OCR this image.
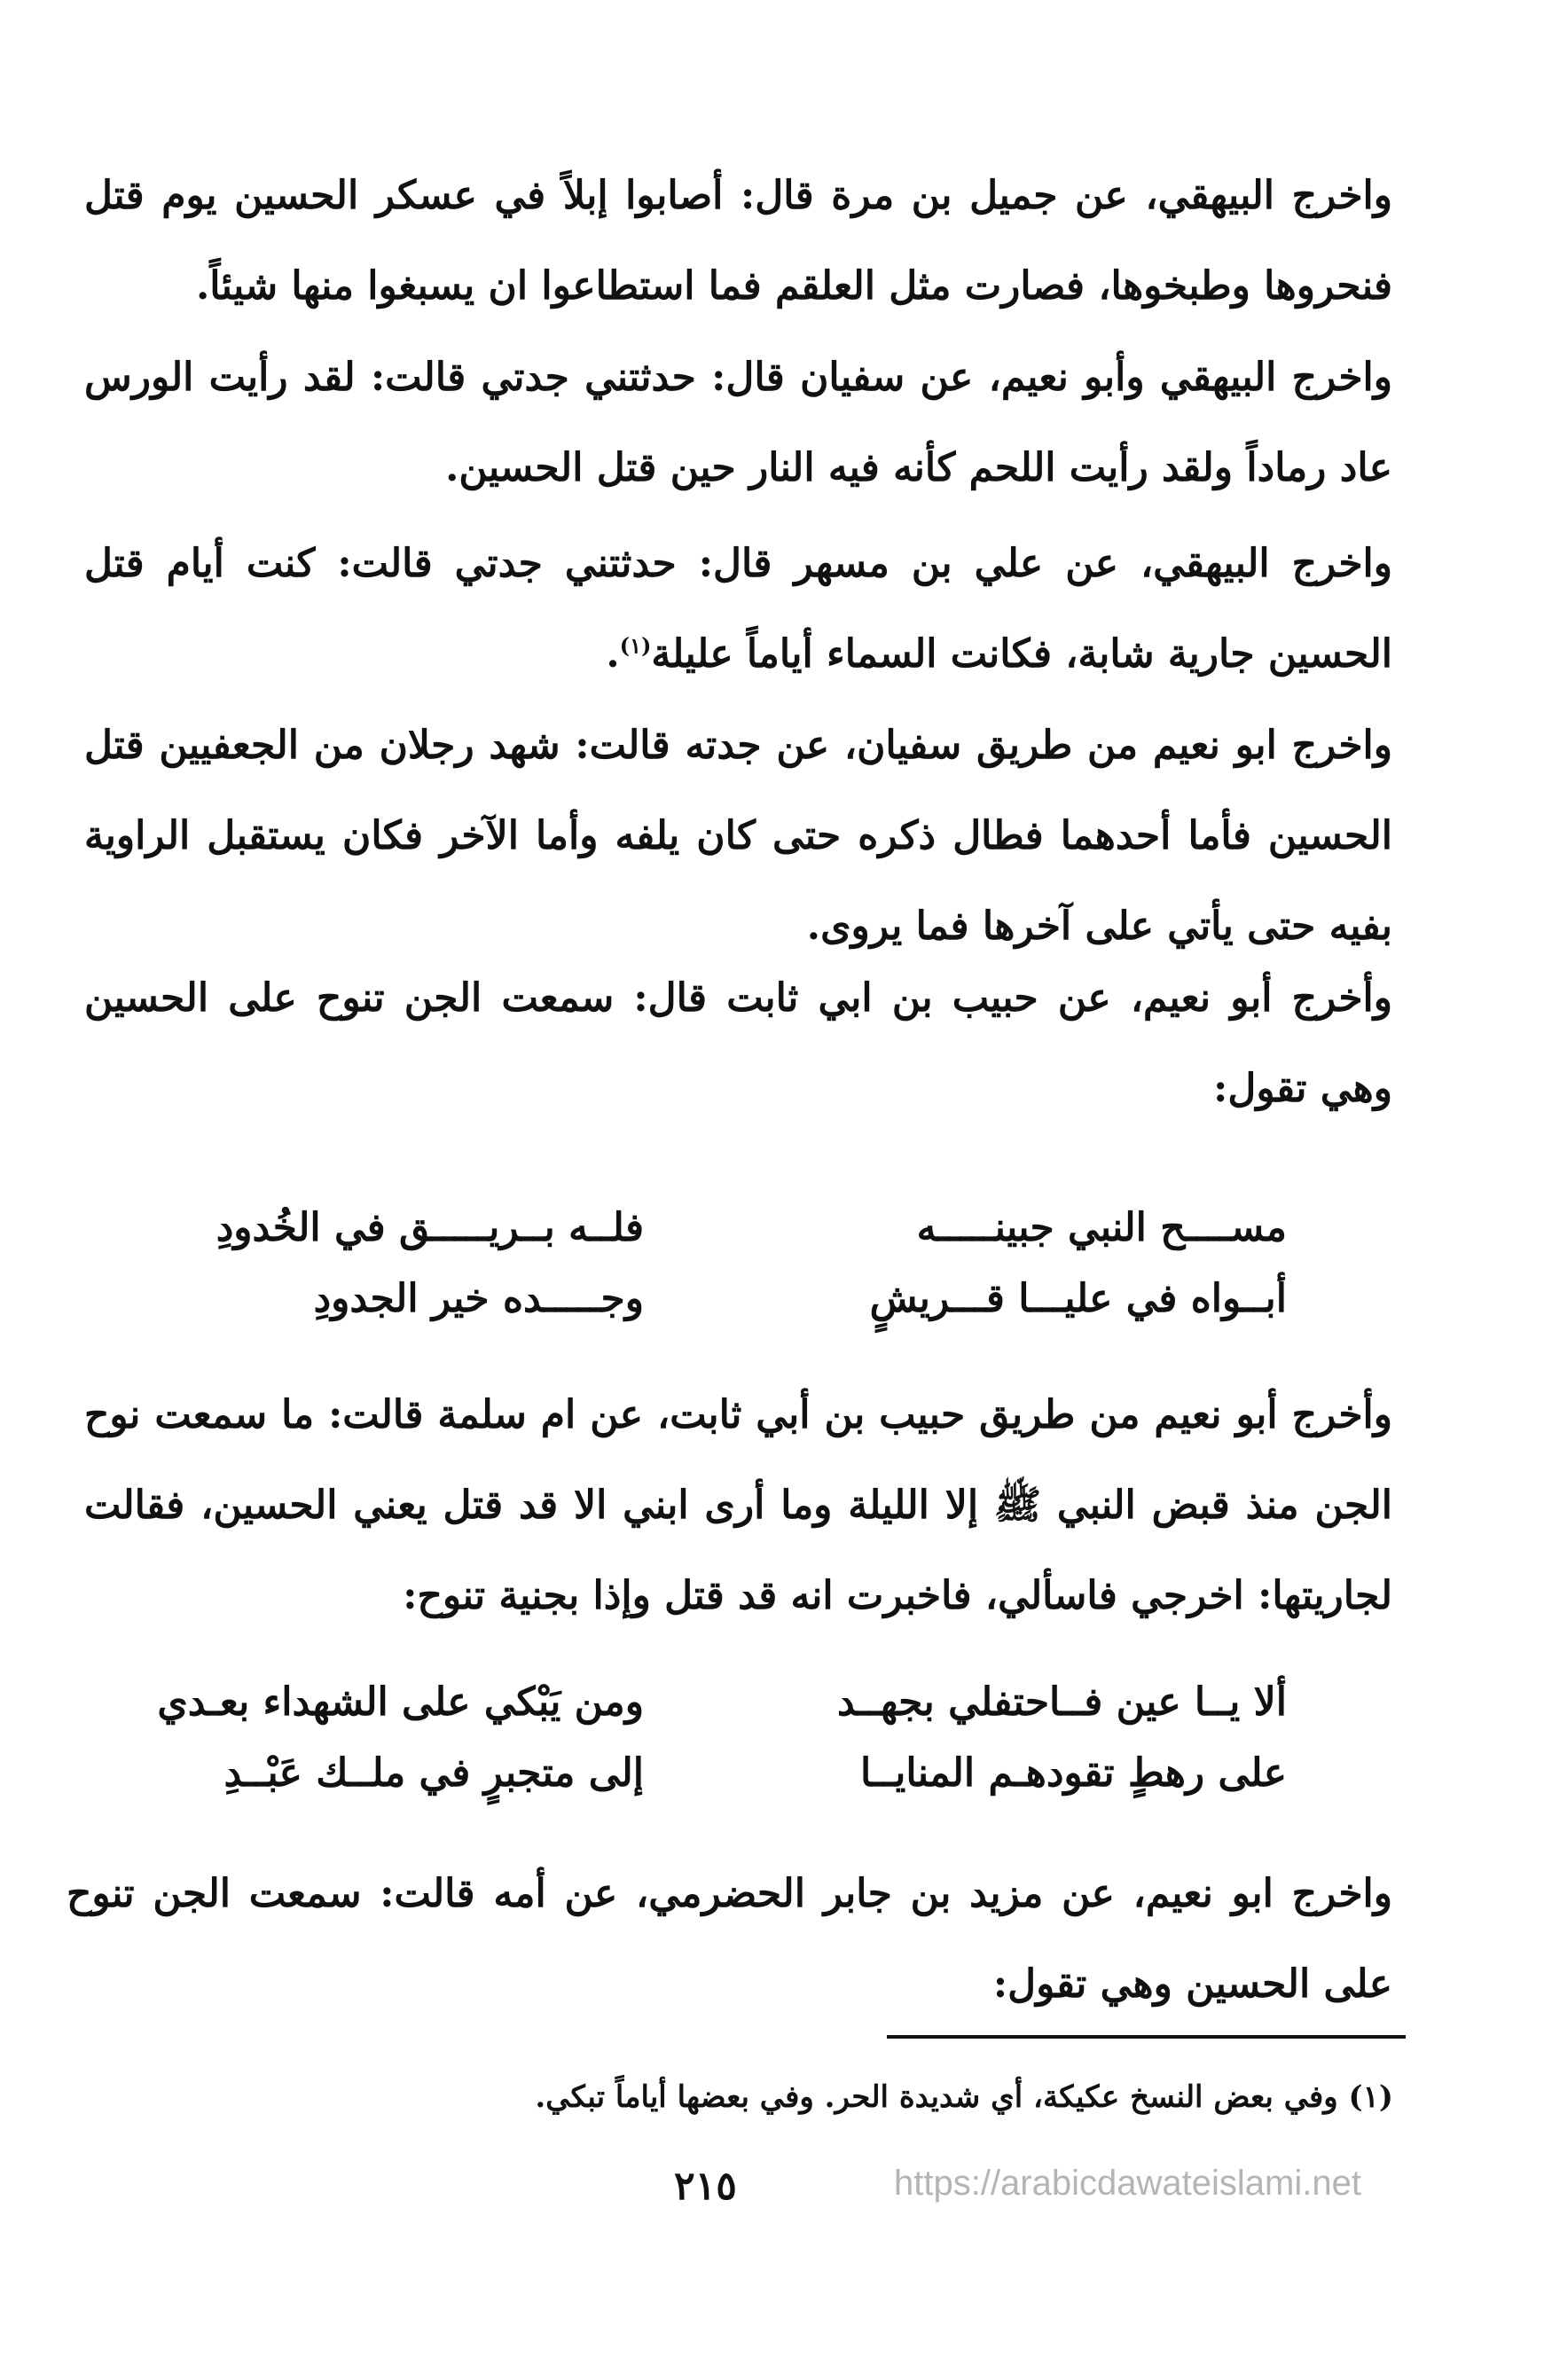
واخرج البيهقي، عن جميل بن مرة قال: أصابوا إبلاً في عسكر الحسين يوم قتل فنحروها وطبخوها، فصارت مثل العلقم فما استطاعوا ان يسبغوا منها شيئاً.

واخرج البيهقي وأبو نعيم، عن سفيان قال: حدثتني جدتي قالت: لقد رأيت الورس عاد رماداً ولقد رأيت اللحم كأنه فيه النار حين قتل الحسين.

واخرج البيهقي، عن علي بن مسهر قال: حدثتني جدتي قالت: كنت أيام قتل الحسين جارية شابة، فكانت السماء أياماً عليلة$^{(١)}$.

واخرج ابو نعيم من طريق سفيان، عن جدته قالت: شهد رجلان من الجعفيين قتل الحسين فأما أحدهما فطال ذكره حتى كان يلفه وأما الآخر فكان يستقبل الراوية بفيه حتى يأتي على آخرها فما يروى.

وأخرج أبو نعيم، عن حبيب بن ابي ثابت قال: سمعت الجن تنوح على الحسين وهي تقول:

مســــح النبي جبينـــــه
فلــه بــريـــــق في الخُدودِ
أبــواه في عليـــا قـــريشٍ
وجـــــده خير الجدودِ

وأخرج أبو نعيم من طريق حبيب بن أبي ثابت، عن ام سلمة قالت: ما سمعت نوح الجن منذ قبض النبي ﷺ إلا الليلة وما أرى ابني الا قد قتل يعني الحسين، فقالت لجاريتها: اخرجي فاسألي، فاخبرت انه قد قتل وإذا بجنية تنوح:

ألا يــا عين فــاحتفلي بجهــد
ومن يَبْكي على الشهداء بعـدي
على رهطٍ تقودهـم المنايــا
إلى متجبرٍ في ملــك عَبْــدِ

واخرج ابو نعيم، عن مزيد بن جابر الحضرمي، عن أمه قالت: سمعت الجن تنوح على الحسين وهي تقول:

(١) وفي بعض النسخ عكيكة، أي شديدة الحر. وفي بعضها أياماً تبكي.
٢١٥	https://arabicdawateislami.net
